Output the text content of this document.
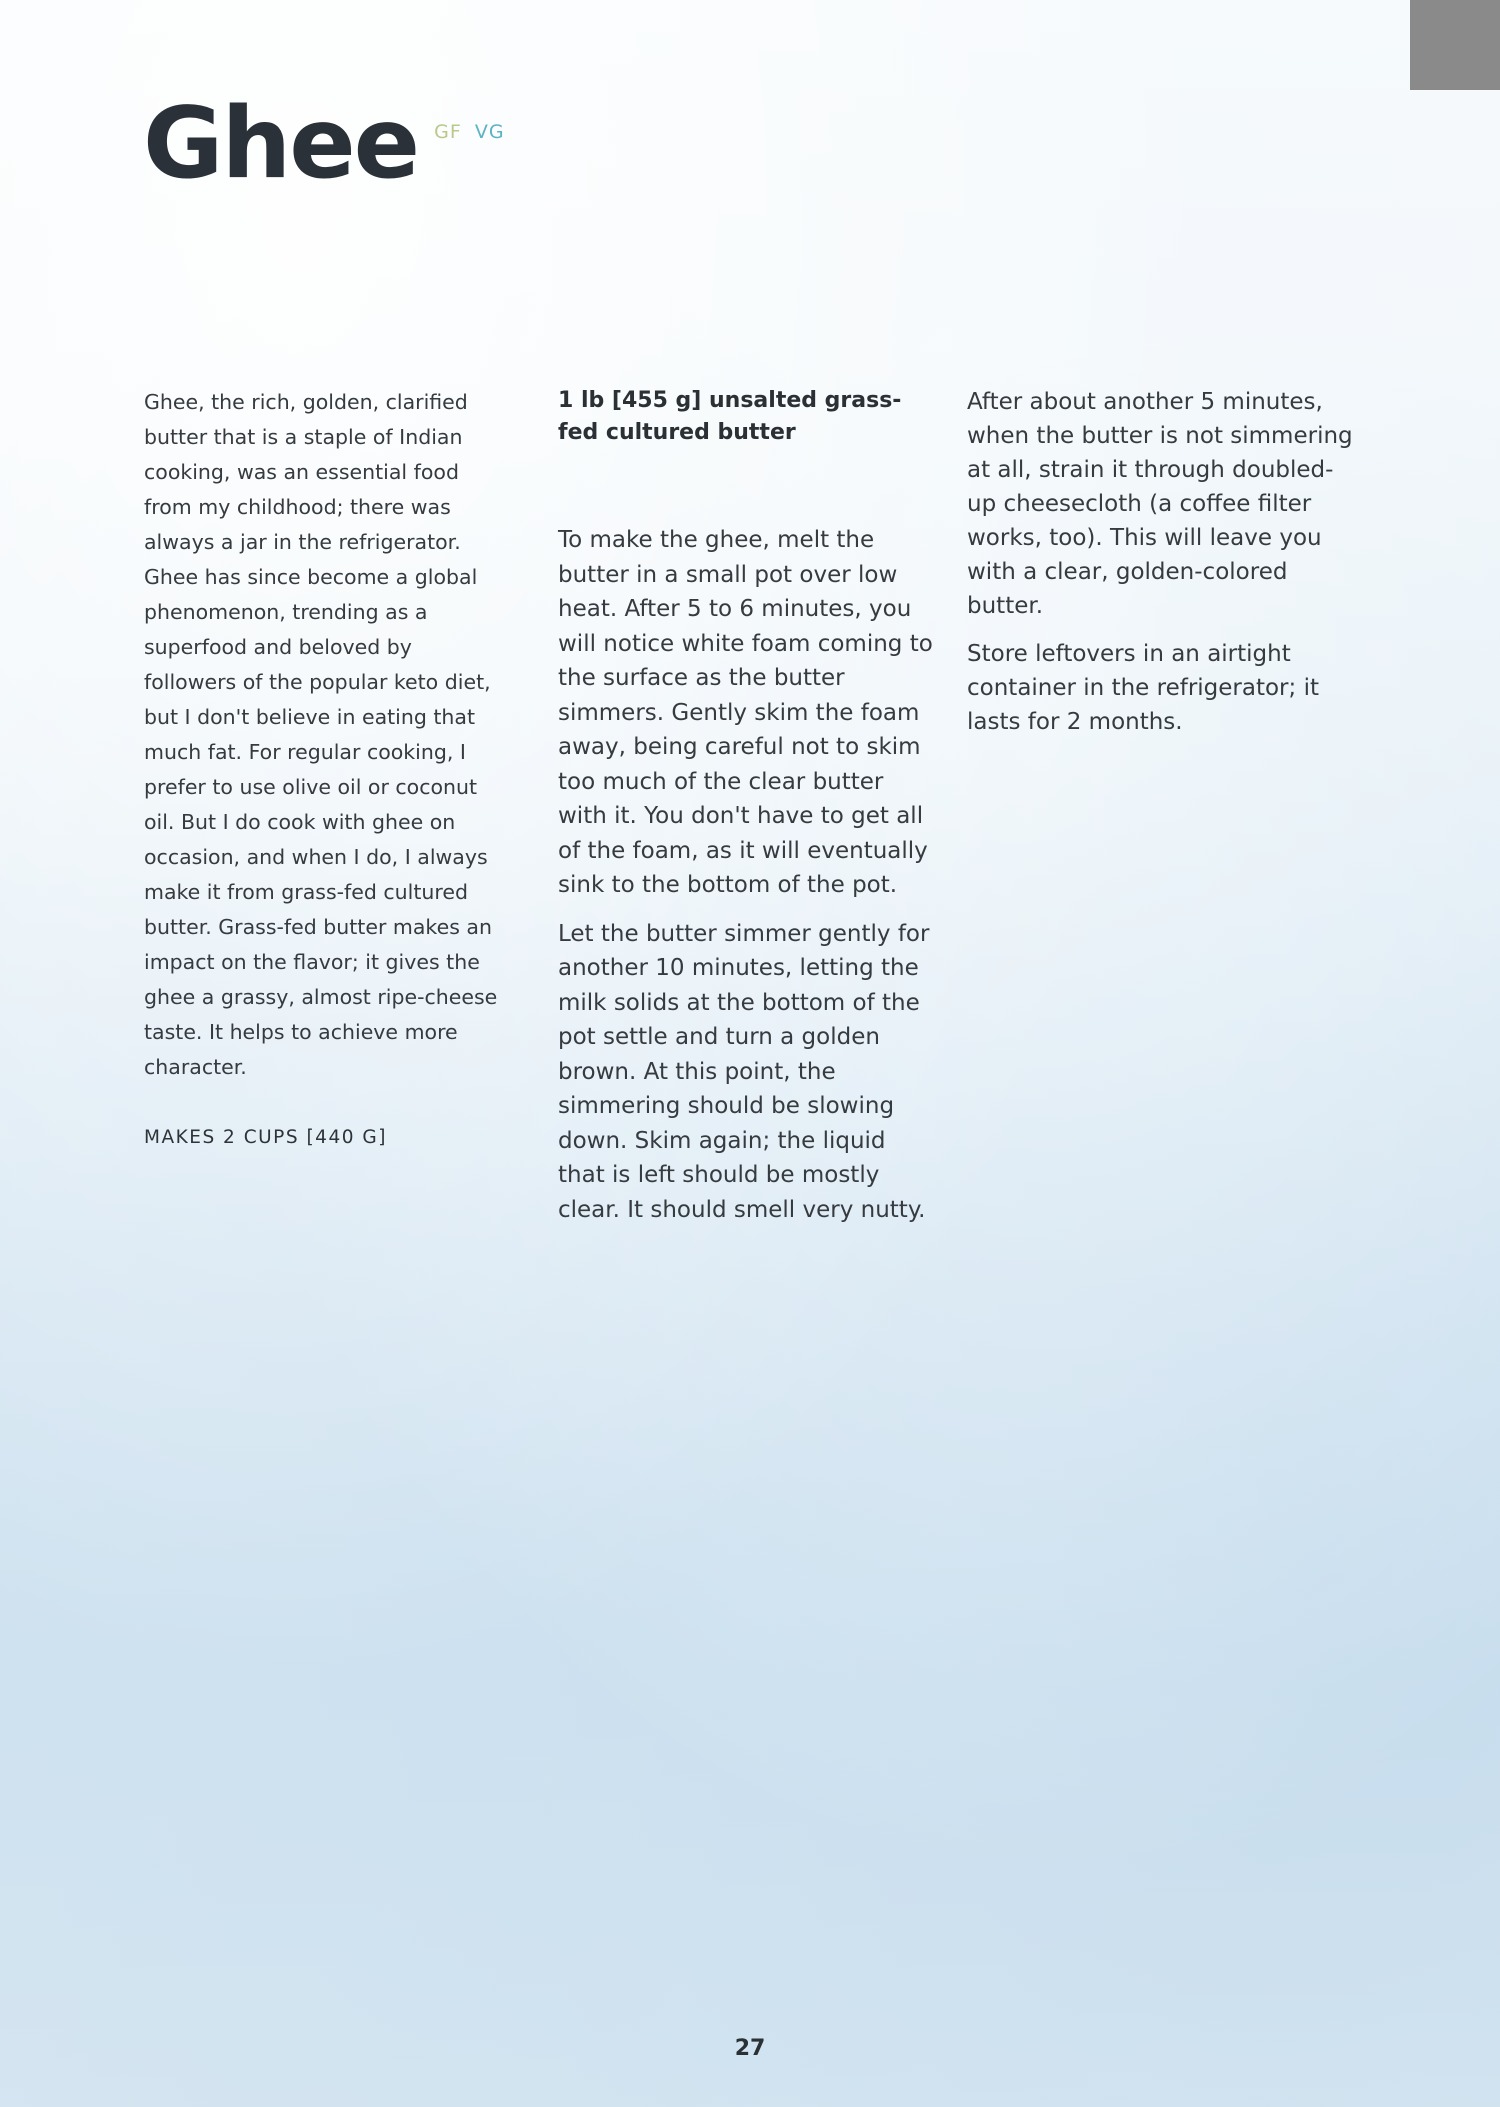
Ghee GF VG

Ghee, the rich, golden, clarified butter that is a staple of Indian cooking, was an essential food from my childhood; there was always a jar in the refrigerator. Ghee has since become a global phenomenon, trending as a superfood and beloved by followers of the popular keto diet, but I don't believe in eating that much fat. For regular cooking, I prefer to use olive oil or coconut oil. But I do cook with ghee on occasion, and when I do, I always make it from grass-fed cultured butter. Grass-fed butter makes an impact on the flavor; it gives the ghee a grassy, almost ripe-cheese taste. It helps to achieve more character.

MAKES 2 CUPS [440 G]
1 lb [455 g] unsalted grass-fed cultured butter

To make the ghee, melt the butter in a small pot over low heat. After 5 to 6 minutes, you will notice white foam coming to the surface as the butter simmers. Gently skim the foam away, being careful not to skim too much of the clear butter with it. You don't have to get all of the foam, as it will eventually sink to the bottom of the pot.

Let the butter simmer gently for another 10 minutes, letting the milk solids at the bottom of the pot settle and turn a golden brown. At this point, the simmering should be slowing down. Skim again; the liquid that is left should be mostly clear. It should smell very nutty.

After about another 5 minutes, when the butter is not simmering at all, strain it through doubled-up cheesecloth (a coffee filter works, too). This will leave you with a clear, golden-colored butter.

Store leftovers in an airtight container in the refrigerator; it lasts for 2 months.

27
